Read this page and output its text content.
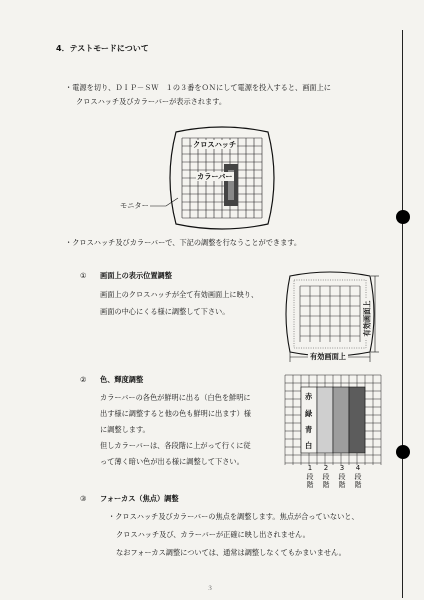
4．テストモードについて
・電源を切り、ＤＩＰ－ＳＷ　１の３番をＯＮにして電源を投入すると、画面上に
クロスハッチ及びカラーバーが表示されます。
クロスハッチ
カラーバー
モニター
・クロスハッチ及びカラーバーで、下記の調整を行なうことができます。
① 画面上の表示位置調整
画面上のクロスハッチが全て有効画面上に映り、
画面の中心にくる様に調整して下さい。
有効画面上
有効画面上
② 色、輝度調整
カラーバーの各色が鮮明に出る（白色を鮮明に
出す様に調整すると他の色も鮮明に出ます）様
に調整します。
但しカラーバーは、各段階に上がって行くに従
って薄く暗い色が出る様に調整して下さい。
赤
緑
青
白
1
段
階
2
段
階
3
段
階
4
段
階
③ フォーカス（焦点）調整
・クロスハッチ及びカラーバーの焦点を調整します。焦点が合っていないと、
クロスハッチ及び、カラーバーが正確に映し出されません。
なおフォーカス調整については、通常は調整しなくてもかまいません。
３
